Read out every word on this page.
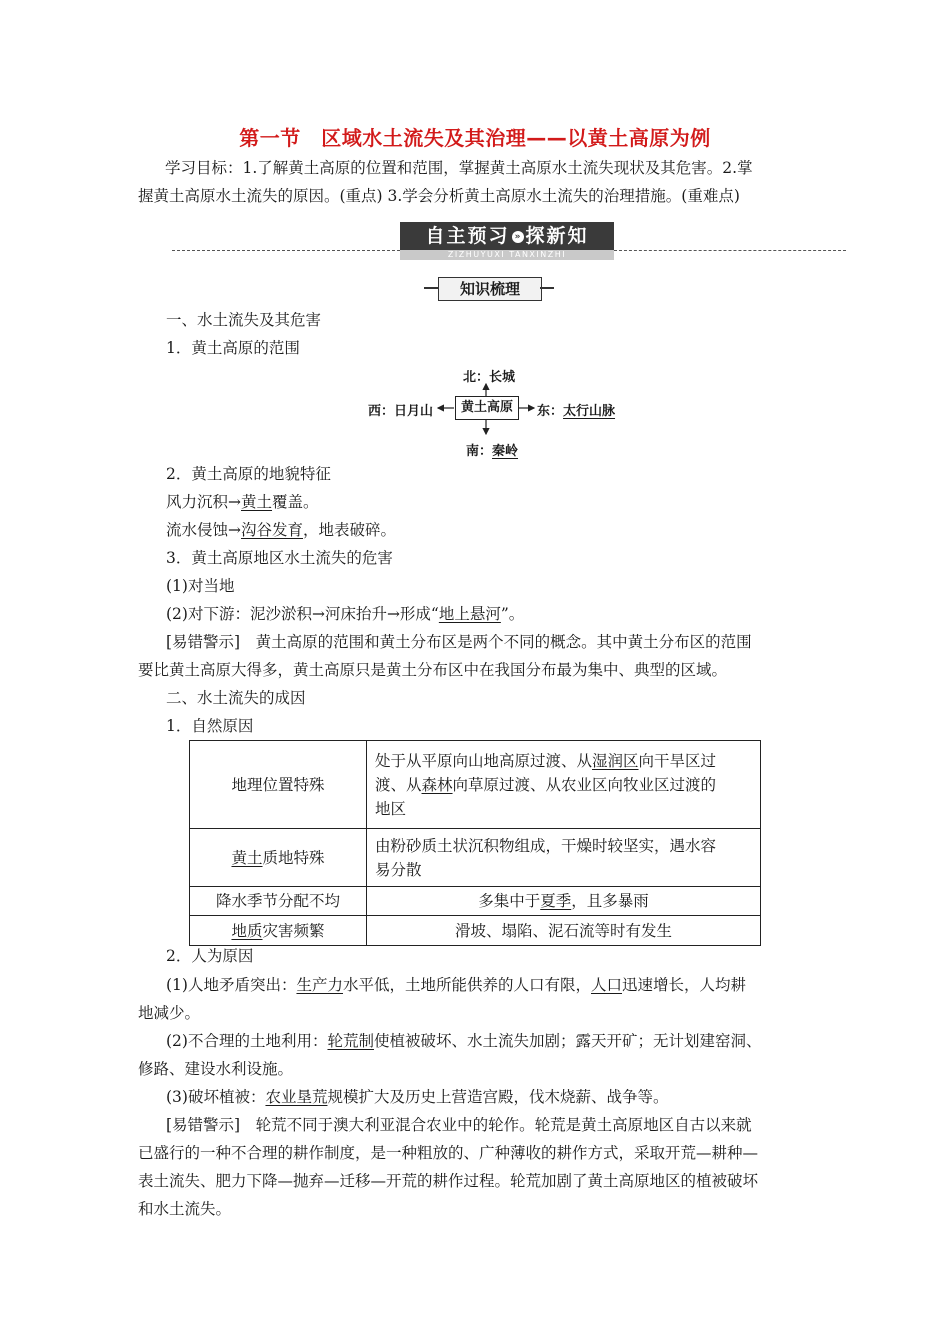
第一节　区域水土流失及其治理——以黄土高原为例
学习目标：1.了解黄土高原的位置和范围，掌握黄土高原水土流失现状及其危害。2.掌
握黄土高原水土流失的原因。(重点) 3.学会分析黄土高原水土流失的治理措施。(重难点)
自主预习 » 探新知
ZIZHUYUXI TANXINZHI
知识梳理
一、水土流失及其危害
1．黄土高原的范围
北：长城
西：日月山	黄土高原	东：太行山脉
南：秦岭
2．黄土高原的地貌特征
风力沉积→黄土覆盖。
流水侵蚀→沟谷发育，地表破碎。
3．黄土高原地区水土流失的危害
(1)对当地
(2)对下游：泥沙淤积→河床抬升→形成“地上悬河”。
[易错警示]　黄土高原的范围和黄土分布区是两个不同的概念。其中黄土分布区的范围
要比黄土高原大得多，黄土高原只是黄土分布区中在我国分布最为集中、典型的区域。
二、水土流失的成因
1．自然原因
地理位置特殊	处于从平原向山地高原过渡、从湿润区向干旱区过
渡、从森林向草原过渡、从农业区向牧业区过渡的
地区

黄土质地特殊	由粉砂质土状沉积物组成，干燥时较坚实，遇水容
易分散

降水季节分配不均	多集中于夏季，且多暴雨
地质灾害频繁	滑坡、塌陷、泥石流等时有发生
2．人为原因
(1)人地矛盾突出：生产力水平低，土地所能供养的人口有限，人口迅速增长，人均耕
地减少。
(2)不合理的土地利用：轮荒制使植被破坏、水土流失加剧；露天开矿；无计划建窑洞、
修路、建设水利设施。
(3)破坏植被：农业垦荒规模扩大及历史上营造宫殿，伐木烧薪、战争等。
[易错警示]　轮荒不同于澳大利亚混合农业中的轮作。轮荒是黄土高原地区自古以来就
已盛行的一种不合理的耕作制度，是一种粗放的、广种薄收的耕作方式，采取开荒—耕种—
表土流失、肥力下降—抛弃—迁移—开荒的耕作过程。轮荒加剧了黄土高原地区的植被破坏
和水土流失。
